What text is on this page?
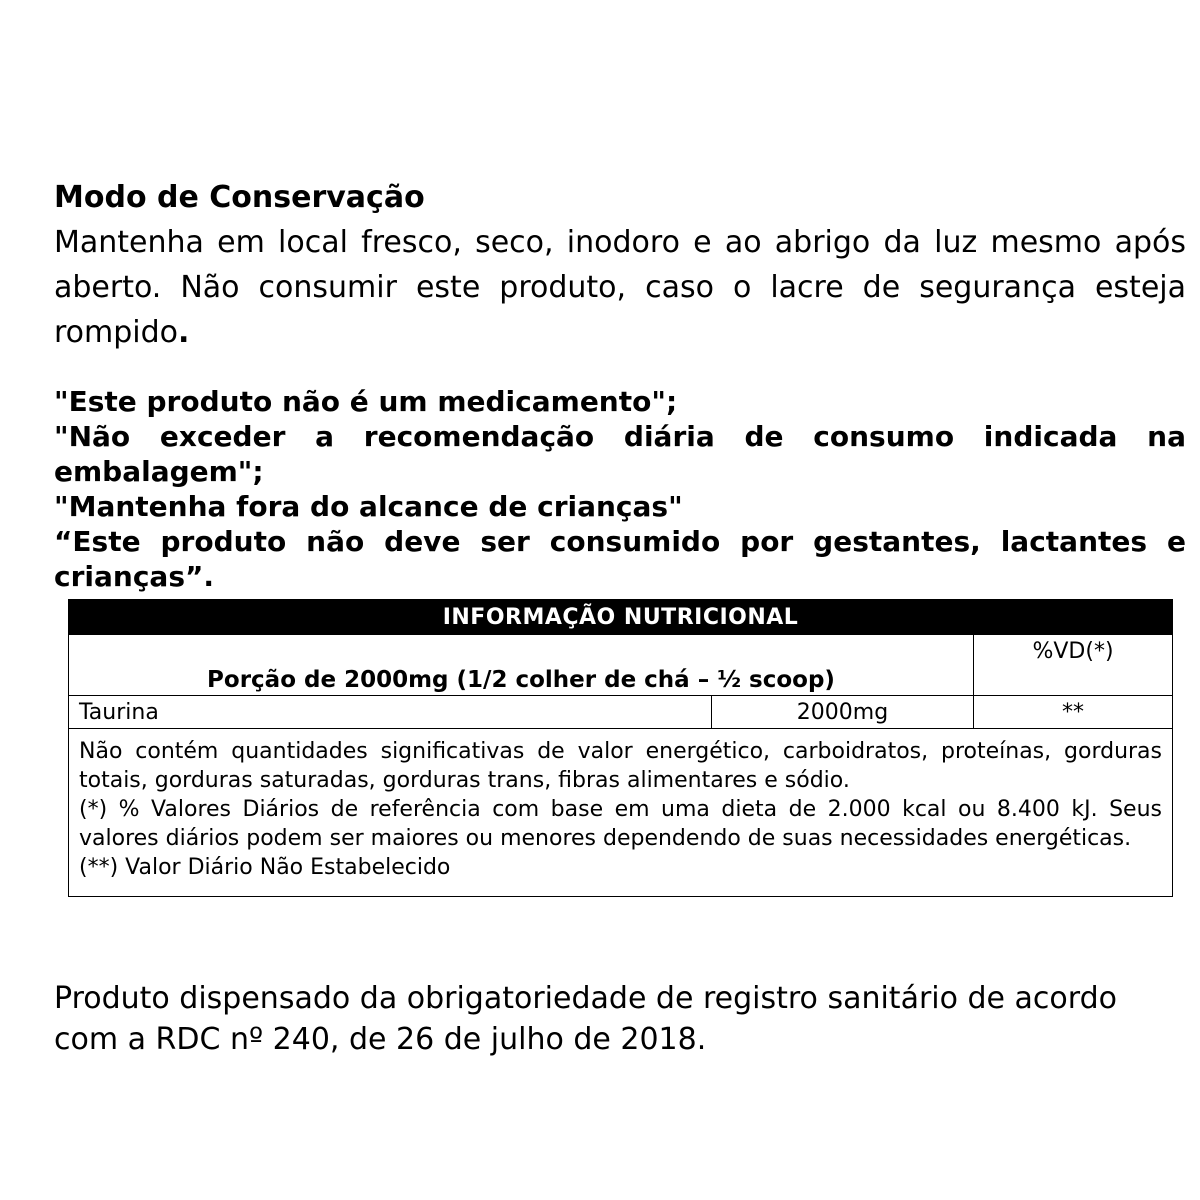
Modo de Conservação

Mantenha em local fresco, seco, inodoro e ao abrigo da luz mesmo após aberto. Não consumir este produto, caso o lacre de segurança esteja rompido.

"Este produto não é um medicamento";

"Não exceder a recomendação diária de consumo indicada na embalagem";

"Mantenha fora do alcance de crianças"

“Este produto não deve ser consumido por gestantes, lactantes e crianças”.

INFORMAÇÃO NUTRICIONAL		
Porção de 2000mg (1/2 colher de chá – ½ scoop)		%VD(*)
Taurina	2000mg	**

Não contém quantidades significativas de valor energético, carboidratos, proteínas, gorduras totais, gorduras saturadas, gorduras trans, fibras alimentares e sódio.

(*) % Valores Diários de referência com base em uma dieta de 2.000 kcal ou 8.400 kJ. Seus valores diários podem ser maiores ou menores dependendo de suas necessidades energéticas.

(**) Valor Diário Não Estabelecido		

Produto dispensado da obrigatoriedade de registro sanitário de acordo com a RDC nº 240, de 26 de julho de 2018.
